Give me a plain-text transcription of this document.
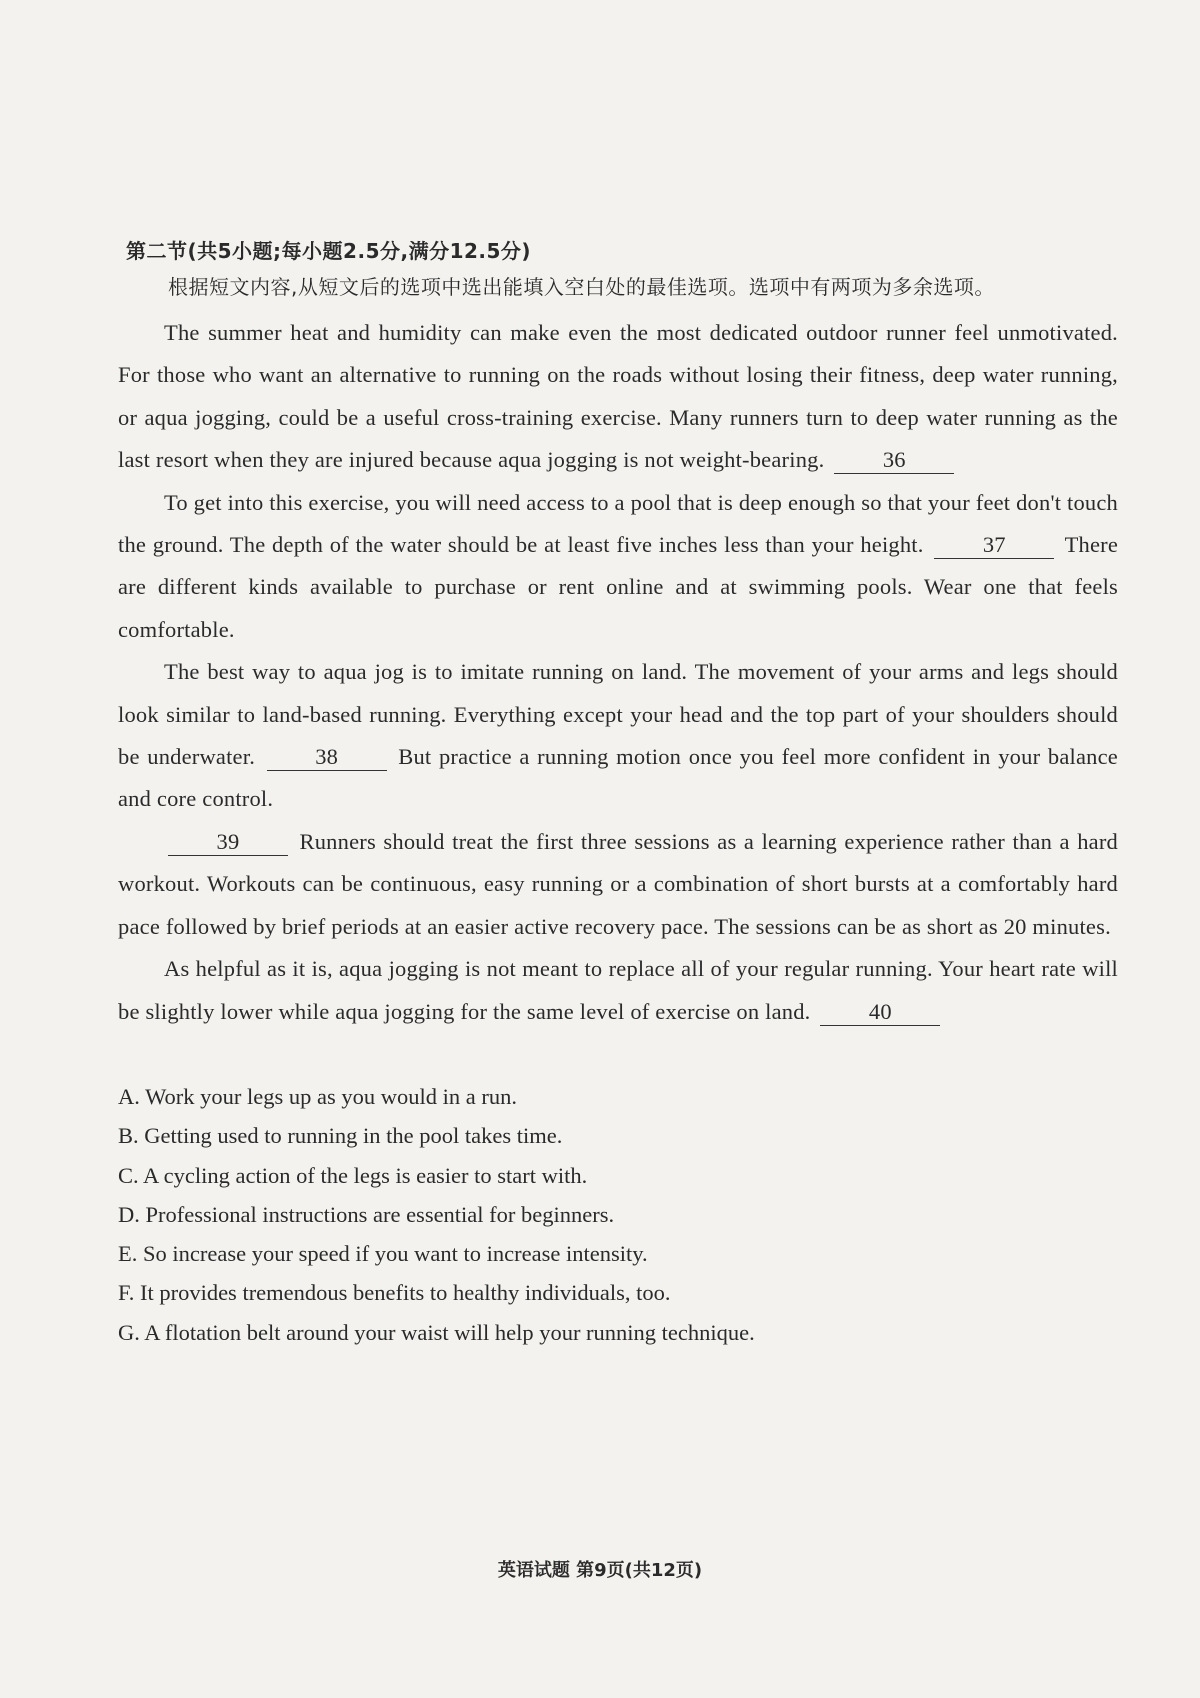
第二节(共5小题;每小题2.5分,满分12.5分)
根据短文内容,从短文后的选项中选出能填入空白处的最佳选项。选项中有两项为多余选项。

The summer heat and humidity can make even the most dedicated outdoor runner feel unmotivated. For those who want an alternative to running on the roads without losing their fitness, deep water running, or aqua jogging, could be a useful cross-training exercise. Many runners turn to deep water running as the last resort when they are injured because aqua jogging is not weight-bearing.	36

To get into this exercise, you will need access to a pool that is deep enough so that your feet don't touch the ground. The depth of the water should be at least five inches less than your height.	37	There are different kinds available to purchase or rent online and at swimming pools. Wear one that feels comfortable.

The best way to aqua jog is to imitate running on land. The movement of your arms and legs should look similar to land-based running. Everything except your head and the top part of your shoulders should be underwater.	38	But practice a running motion once you feel more confident in your balance and core control.

39	Runners should treat the first three sessions as a learning experience rather than a hard workout. Workouts can be continuous, easy running or a combination of short bursts at a comfortably hard pace followed by brief periods at an easier active recovery pace. The sessions can be as short as 20 minutes.

As helpful as it is, aqua jogging is not meant to replace all of your regular running. Your heart rate will be slightly lower while aqua jogging for the same level of exercise on land.	40

A. Work your legs up as you would in a run.

B. Getting used to running in the pool takes time.

C. A cycling action of the legs is easier to start with.

D. Professional instructions are essential for beginners.

E. So increase your speed if you want to increase intensity.

F. It provides tremendous benefits to healthy individuals, too.

G. A flotation belt around your waist will help your running technique.

英语试题 第9页(共12页)
